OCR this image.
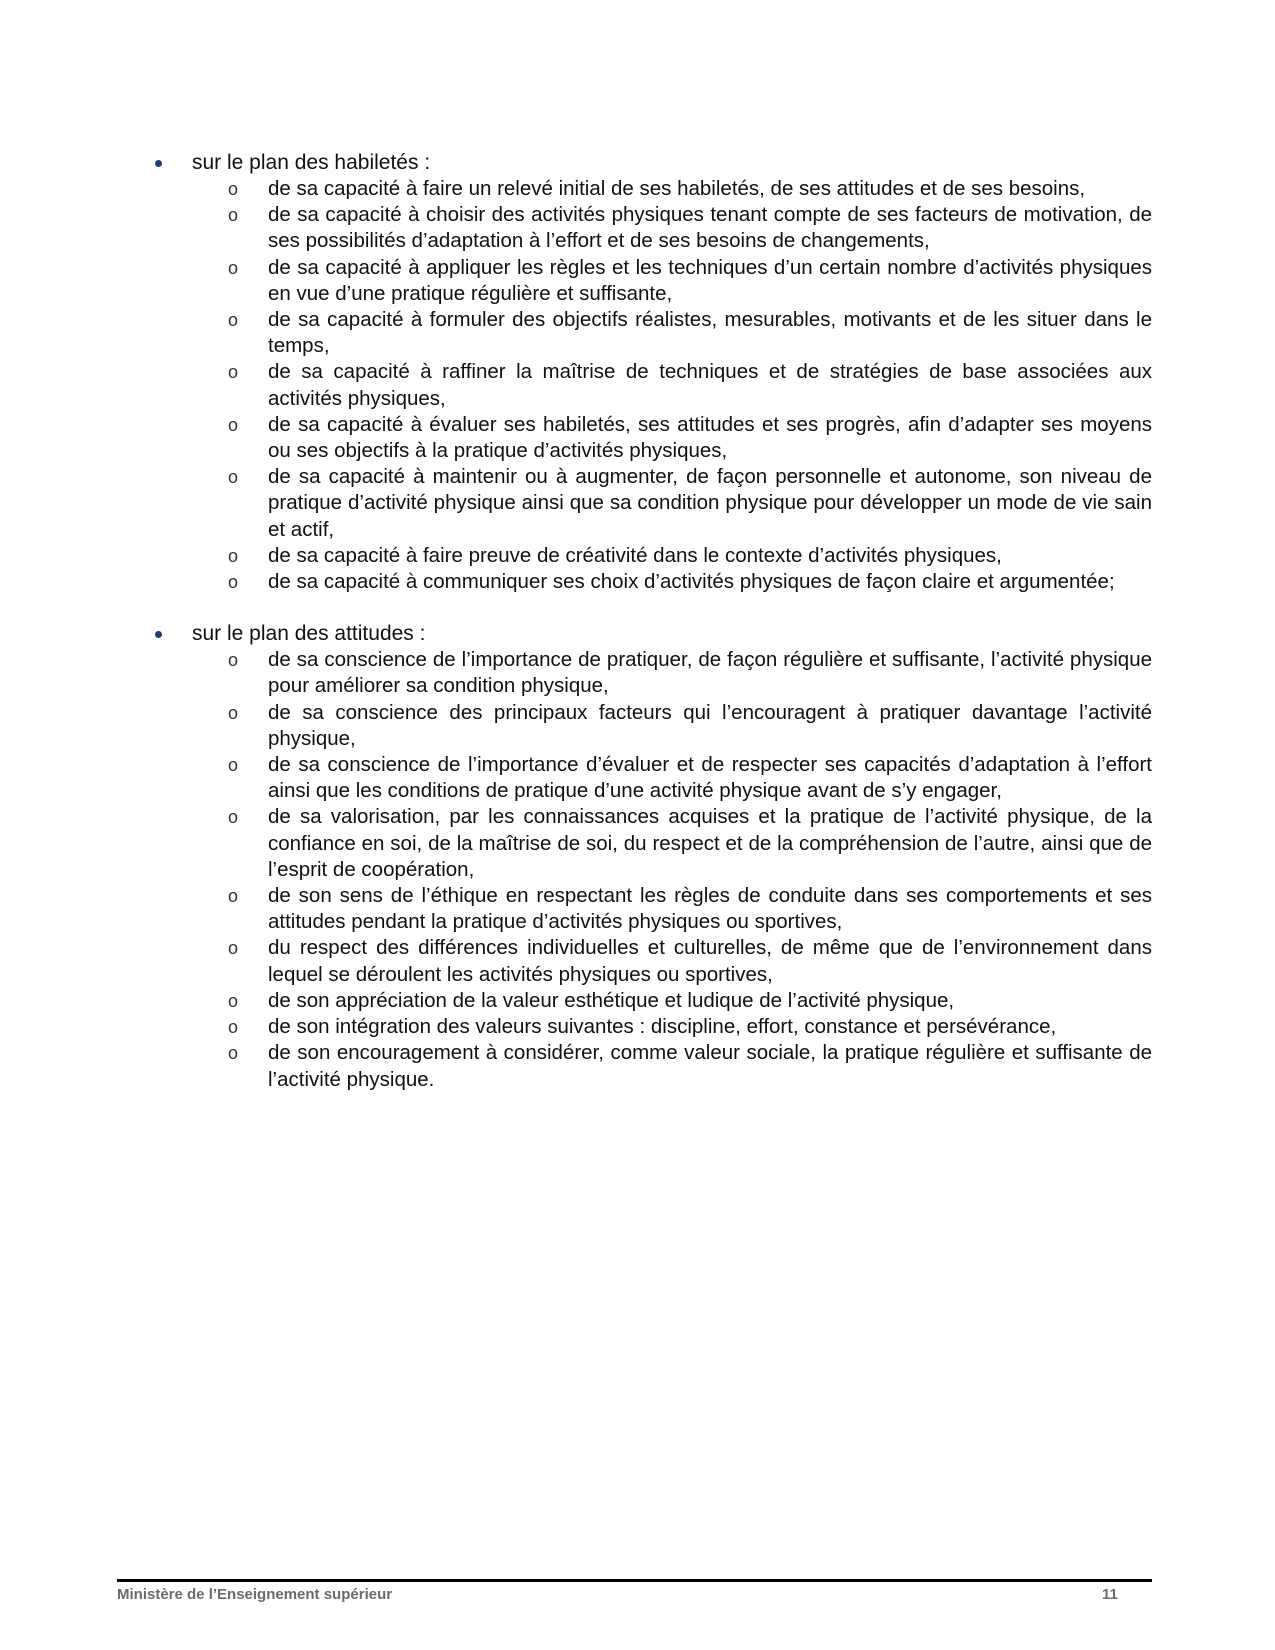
sur le plan des habiletés :
o de sa capacité à faire un relevé initial de ses habiletés, de ses attitudes et de ses besoins,
o de sa capacité à choisir des activités physiques tenant compte de ses facteurs de motivation, de ses possibilités d’adaptation à l’effort et de ses besoins de changements,
o de sa capacité à appliquer les règles et les techniques d’un certain nombre d’activités physiques en vue d’une pratique régulière et suffisante,
o de sa capacité à formuler des objectifs réalistes, mesurables, motivants et de les situer dans le temps,
o de sa capacité à raffiner la maîtrise de techniques et de stratégies de base associées aux activités physiques,
o de sa capacité à évaluer ses habiletés, ses attitudes et ses progrès, afin d’adapter ses moyens ou ses objectifs à la pratique d’activités physiques,
o de sa capacité à maintenir ou à augmenter, de façon personnelle et autonome, son niveau de pratique d’activité physique ainsi que sa condition physique pour développer un mode de vie sain et actif,
o de sa capacité à faire preuve de créativité dans le contexte d’activités physiques,
o de sa capacité à communiquer ses choix d’activités physiques de façon claire et argumentée;
sur le plan des attitudes :
o de sa conscience de l’importance de pratiquer, de façon régulière et suffisante, l’activité physique pour améliorer sa condition physique,
o de sa conscience des principaux facteurs qui l’encouragent à pratiquer davantage l’activité physique,
o de sa conscience de l’importance d’évaluer et de respecter ses capacités d’adaptation à l’effort ainsi que les conditions de pratique d’une activité physique avant de s’y engager,
o de sa valorisation, par les connaissances acquises et la pratique de l’activité physique, de la confiance en soi, de la maîtrise de soi, du respect et de la compréhension de l’autre, ainsi que de l’esprit de coopération,
o de son sens de l’éthique en respectant les règles de conduite dans ses comportements et ses attitudes pendant la pratique d’activités physiques ou sportives,
o du respect des différences individuelles et culturelles, de même que de l’environnement dans lequel se déroulent les activités physiques ou sportives,
o de son appréciation de la valeur esthétique et ludique de l’activité physique,
o de son intégration des valeurs suivantes : discipline, effort, constance et persévérance,
o de son encouragement à considérer, comme valeur sociale, la pratique régulière et suffisante de l’activité physique.
Ministère de l’Enseignement supérieur	11
